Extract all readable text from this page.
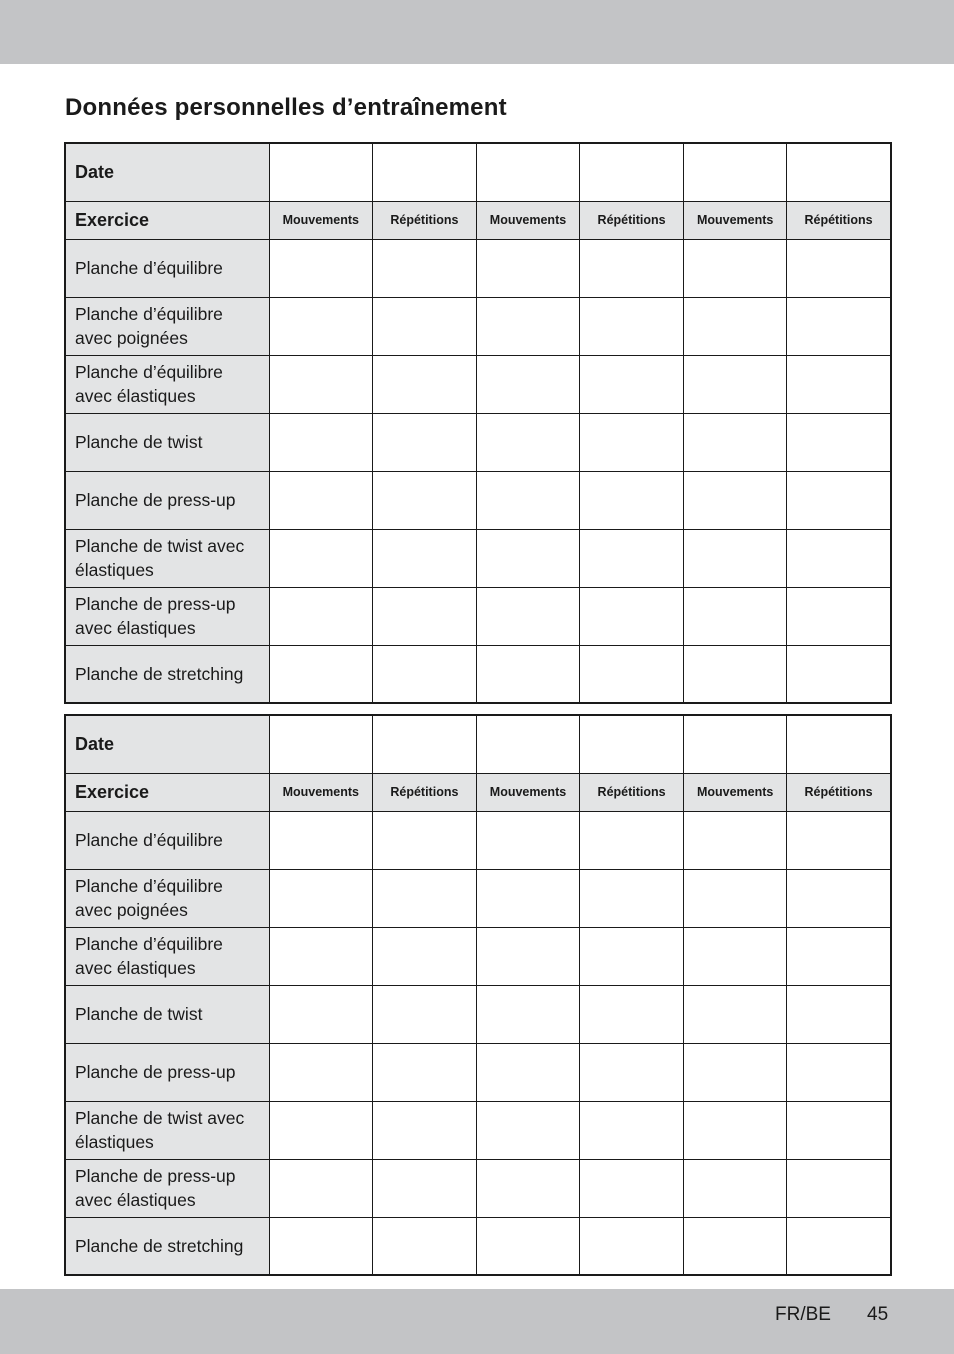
Données personnelles d’entraînement
Date						
Exercice	Mouvements	Répétitions	Mouvements	Répétitions	Mouvements	Répétitions
Planche d’équilibre						
Planche d’équilibre avec poignées						
Planche d’équilibre avec élastiques						
Planche de twist						
Planche de press-up						
Planche de twist avec élastiques						
Planche de press-up avec élastiques						
Planche de stretching						
Date						
Exercice	Mouvements	Répétitions	Mouvements	Répétitions	Mouvements	Répétitions
Planche d’équilibre						
Planche d’équilibre avec poignées						
Planche d’équilibre avec élastiques						
Planche de twist						
Planche de press-up						
Planche de twist avec élastiques						
Planche de press-up avec élastiques						
Planche de stretching						
FR/BE 45
